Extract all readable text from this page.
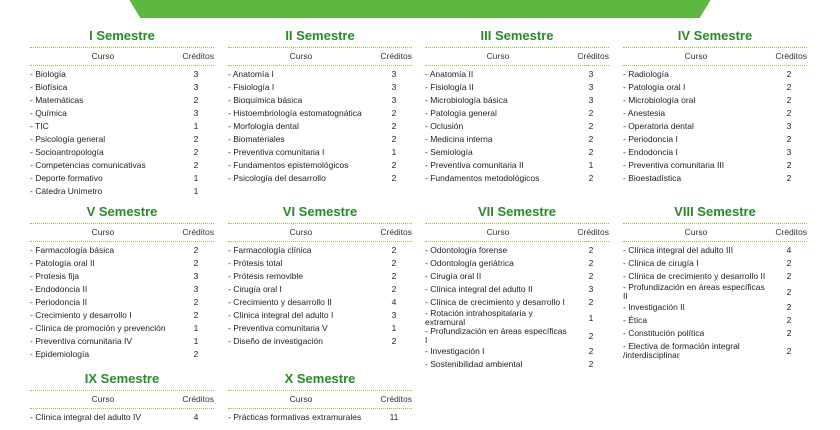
I Semestre
Curso	Créditos
- Biología	3
- Biofísica	3
- Matemáticas	2
- Química	3
- TIC	1
- Psicología general	2
- Socioantropología	2
- Competencias comunicativas	2
- Deporte formativo	1
- Cátedra Unimetro	1
II Semestre
Curso	Créditos
- Anatomía I	3
- Fisiología I	3
- Bioquímica básica	3
- Histoembriología estomatognática	2
- Morfología dental	2
- Biomateriales	2
- Preventiva comunitaria I	1
- Fundamentos epistemológicos	2
- Psicología del desarrollo	2
III Semestre
Curso	Créditos
- Anatomía II	3
- Fisiología II	3
- Microbiología básica	3
- Patología general	2
- Oclusión	2
- Medicina interna	2
- Semiología	2
- Preventiva comunitaria II	1
- Fundamentos metodológicos	2
IV Semestre
Curso	Créditos
- Radiología	2
- Patología oral I	2
- Microbiología oral	2
- Anestesia	2
- Operatoria dental	3
- Periodoncia I	2
- Endodoncia I	3
- Preventiva comunitaria III	2
- Bioestadística	2
V Semestre
Curso	Créditos
- Farmacología básica	2
- Patología oral II	2
- Protesis fija	3
- Endodoncia II	3
- Periodoncia II	2
- Crecimiento y desarrollo I	2
- Clínica de promoción y prevención	1
- Preventiva comunitaria IV	1
- Epidemiología	2
VI Semestre
Curso	Créditos
- Farmacología clínica	2
- Prótesis total	2
- Prótesis removible	2
- Cirugía oral I	2
- Crecimiento y desarrollo II	4
- Clínica integral del adulto I	3
- Preventiva comunitaria V	1
- Diseño de investigación	2
VII Semestre
Curso	Créditos
- Odontología forense	2
- Odontología geriátrica	2
- Cirugía oral II	2
- Clínica integral del adulto II	3
- Clínica de crecimiento y desarrollo I	2
- Rotación intrahospitalaria y extramural	1
- Profundización en áreas específicas I	2
- Investigación I	2
- Sostenibilidad ambiental	2
VIII Semestre
Curso	Créditos
- Clínica integral del adulto III	4
- Clínica de cirugía I	2
- Clínica de crecimiento y desarrollo II	2
- Profundización en áreas específicas II	2
- Investigación II	2
- Ética	2
- Constitución política	2
- Electiva de formación integral /interdisciplinar	2
IX Semestre
Curso	Créditos
- Clínica integral del adulto IV	4
X Semestre
Curso	Créditos
- Prácticas formativas extramurales	11
